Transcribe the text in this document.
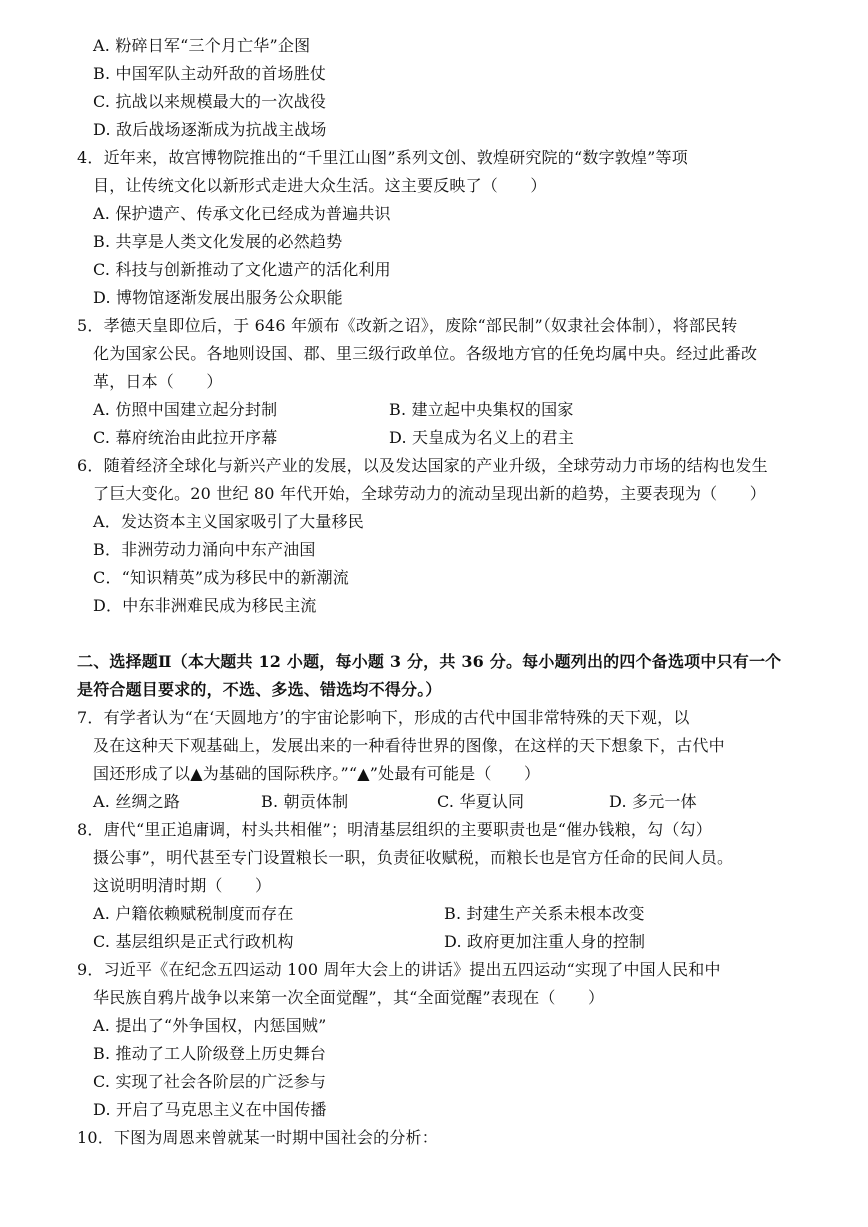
A. 粉碎日军“三个月亡华”企图
B. 中国军队主动歼敌的首场胜仗
C. 抗战以来规模最大的一次战役
D. 敌后战场逐渐成为抗战主战场
4．近年来，故宫博物院推出的“千里江山图”系列文创、敦煌研究院的“数字敦煌”等项
目，让传统文化以新形式走进大众生活。这主要反映了（　　）
A. 保护遗产、传承文化已经成为普遍共识
B. 共享是人类文化发展的必然趋势
C. 科技与创新推动了文化遗产的活化利用
D. 博物馆逐渐发展出服务公众职能
5．孝德天皇即位后，于 646 年颁布《改新之诏》，废除“部民制”（奴隶社会体制），将部民转
化为国家公民。各地则设国、郡、里三级行政单位。各级地方官的任免均属中央。经过此番改
革，日本（　　）
A. 仿照中国建立起分封制	B. 建立起中央集权的国家
C. 幕府统治由此拉开序幕	D. 天皇成为名义上的君主
6．随着经济全球化与新兴产业的发展，以及发达国家的产业升级，全球劳动力市场的结构也发生
了巨大变化。20 世纪 80 年代开始，全球劳动力的流动呈现出新的趋势，主要表现为（　　）
A．发达资本主义国家吸引了大量移民
B．非洲劳动力涌向中东产油国
C．“知识精英”成为移民中的新潮流
D．中东非洲难民成为移民主流
二、选择题Ⅱ（本大题共 12 小题，每小题 3 分，共 36 分。每小题列出的四个备选项中只有一个
是符合题目要求的，不选、多选、错选均不得分。）
7．有学者认为“在‘天圆地方’的宇宙论影响下，形成的古代中国非常特殊的天下观，以
及在这种天下观基础上，发展出来的一种看待世界的图像，在这样的天下想象下，古代中
国还形成了以▲为基础的国际秩序。”“▲”处最有可能是（　　）
A. 丝绸之路	B. 朝贡体制	C. 华夏认同	D. 多元一体
8．唐代“里正追庸调，村头共相催”；明清基层组织的主要职责也是“催办钱粮，勾（勾）
摄公事”，明代甚至专门设置粮长一职，负责征收赋税，而粮长也是官方任命的民间人员。
这说明明清时期（　　）
A. 户籍依赖赋税制度而存在	B. 封建生产关系未根本改变
C. 基层组织是正式行政机构	D. 政府更加注重人身的控制
9．习近平《在纪念五四运动 100 周年大会上的讲话》提出五四运动“实现了中国人民和中
华民族自鸦片战争以来第一次全面觉醒”，其“全面觉醒”表现在（　　）
A. 提出了“外争国权，内惩国贼”
B. 推动了工人阶级登上历史舞台
C. 实现了社会各阶层的广泛参与
D. 开启了马克思主义在中国传播
10．下图为周恩来曾就某一时期中国社会的分析：
